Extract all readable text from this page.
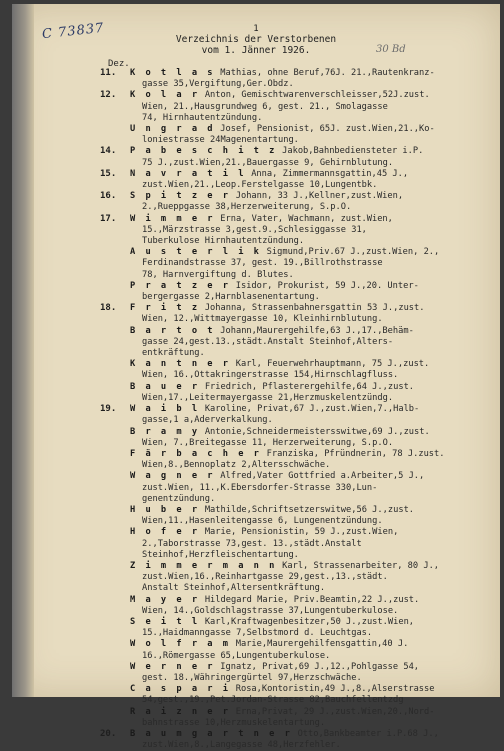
C 73837
30 Bd
1
Verzeichnis der Verstorbenen
vom 1. Jänner 1926.
Dez.
11.	K o t l a s Mathias, ohne Beruf,76J. 21.,Rautenkranz-
gasse 35,Vergiftung,Ger.Obdz.
12.	K o l a r Anton, Gemischtwarenverschleisser,52J.zust.
Wien, 21.,Hausgrundweg 6, gest. 21., Smolagasse
74, Hirnhautentzündung.
U n g r a d Josef, Pensionist, 65J. zust.Wien,21.,Ko-
loniestrasse 24Magenentartung.
14.	P a b e s c h i t z Jakob,Bahnbediensteter i.P.
75 J.,zust.Wien,21.,Bauergasse 9, Gehirnblutung.
15.	N a v r a t i l Anna, Zimmermannsgattin,45 J.,
zust.Wien,21.,Leop.Ferstelgasse 10,Lungentbk.
16.	S p i t z e r Johann, 33 J.,Kellner,zust.Wien,
2.,Rueppgasse 38,Herzerweiterung, S.p.O.
17.	W i m m e r Erna, Vater, Wachmann, zust.Wien,
15.,Märzstrasse 3,gest.9.,Schlesiggasse 31,
Tuberkulose Hirnhautentzündung.
A u s t e r l i k Sigmund,Priv.67 J.,zust.Wien, 2.,
Ferdinandstrasse 37, gest. 19.,Billrothstrasse
78, Harnvergiftung d. Blutes.
P r a t z e r Isidor, Prokurist, 59 J.,20. Unter-
bergergasse 2,Harnblasenentartung.
18.	F r i t z Johanna, Strassenbahnersgattin 53 J.,zust.
Wien, 12.,Wittmayergasse 10, Kleinhirnblutung.
B a r t o t Johann,Maurergehilfe,63 J.,17.,Behäm-
gasse 24,gest.13.,städt.Anstalt Steinhof,Alters-
entkräftung.
K a n t n e r Karl, Feuerwehrhauptmann, 75 J.,zust.
Wien, 16.,Ottakringerstrasse 154,Hirnschlagfluss.
B a u e r Friedrich, Pflasterergehilfe,64 J.,zust.
Wien,17.,Leitermayergasse 21,Herzmuskelentzündg.
19.	W a i b l Karoline, Privat,67 J.,zust.Wien,7.,Halb-
gasse,1 a,Aderverkalkung.
B r a m y Antonie,Schneidermeistersswitwe,69 J.,zust.
Wien, 7.,Breitegasse 11, Herzerweiterung, S.p.O.
F ä r b a c h e r Franziska, Pfründnerin, 78 J.zust.
Wien,8.,Bennoplatz 2,Altersschwäche.
W a g n e r Alfred,Vater Gottfried a.Arbeiter,5 J.,
zust.Wien, 11.,K.Ebersdorfer-Strasse 330,Lun-
genentzündung.
H u b e r Mathilde,Schriftsetzerswitwe,56 J.,zust.
Wien,11.,Hasenleitengasse 6, Lungenentzündung.
H o f e r Marie, Pensionistin, 59 J.,zust.Wien,
2.,Taborstrasse 73,gest. 13.,städt.Anstalt
Steinhof,Herzfleischentartung.
Z i m m e r m a n n Karl, Strassenarbeiter, 80 J.,
zust.Wien,16.,Reinhartgasse 29,gest.,13.,städt.
Anstalt Steinhof,Altersentkräftung.
M a y e r Hildegard Marie, Priv.Beamtin,22 J.,zust.
Wien, 14.,Goldschlagstrasse 37,Lungentuberkulose.
S e i t l Karl,Kraftwagenbesitzer,50 J.,zust.Wien,
15.,Haidmanngasse 7,Selbstmord d. Leuchtgas.
W o l f r a m Marie,Maurergehilfensgattin,40 J.
16.,Römergasse 65,Lungentuberkulose.
W e r n e r Ignatz, Privat,69 J.,12.,Pohlgasse 54,
gest. 18.,Währingergürtel 97,Herzschwäche.
C a s p a r i Rosa,Kontoristin,49 J.,8.,Alserstrasse
54,gest.,19.,Pet.Jordan-Strasse 82,Bauchfellentzdg
R a i z n e r Erna,Privat, 29 J.,zust.Wien,20.,Nord-
bahnstrasse 10,Herzmuskelentartung.
20.	B a u m g a r t n e r Otto,Bankbeamter i.P.68 J.,
zust.Wien,8.,Langegasse 48,Herzfehler.
